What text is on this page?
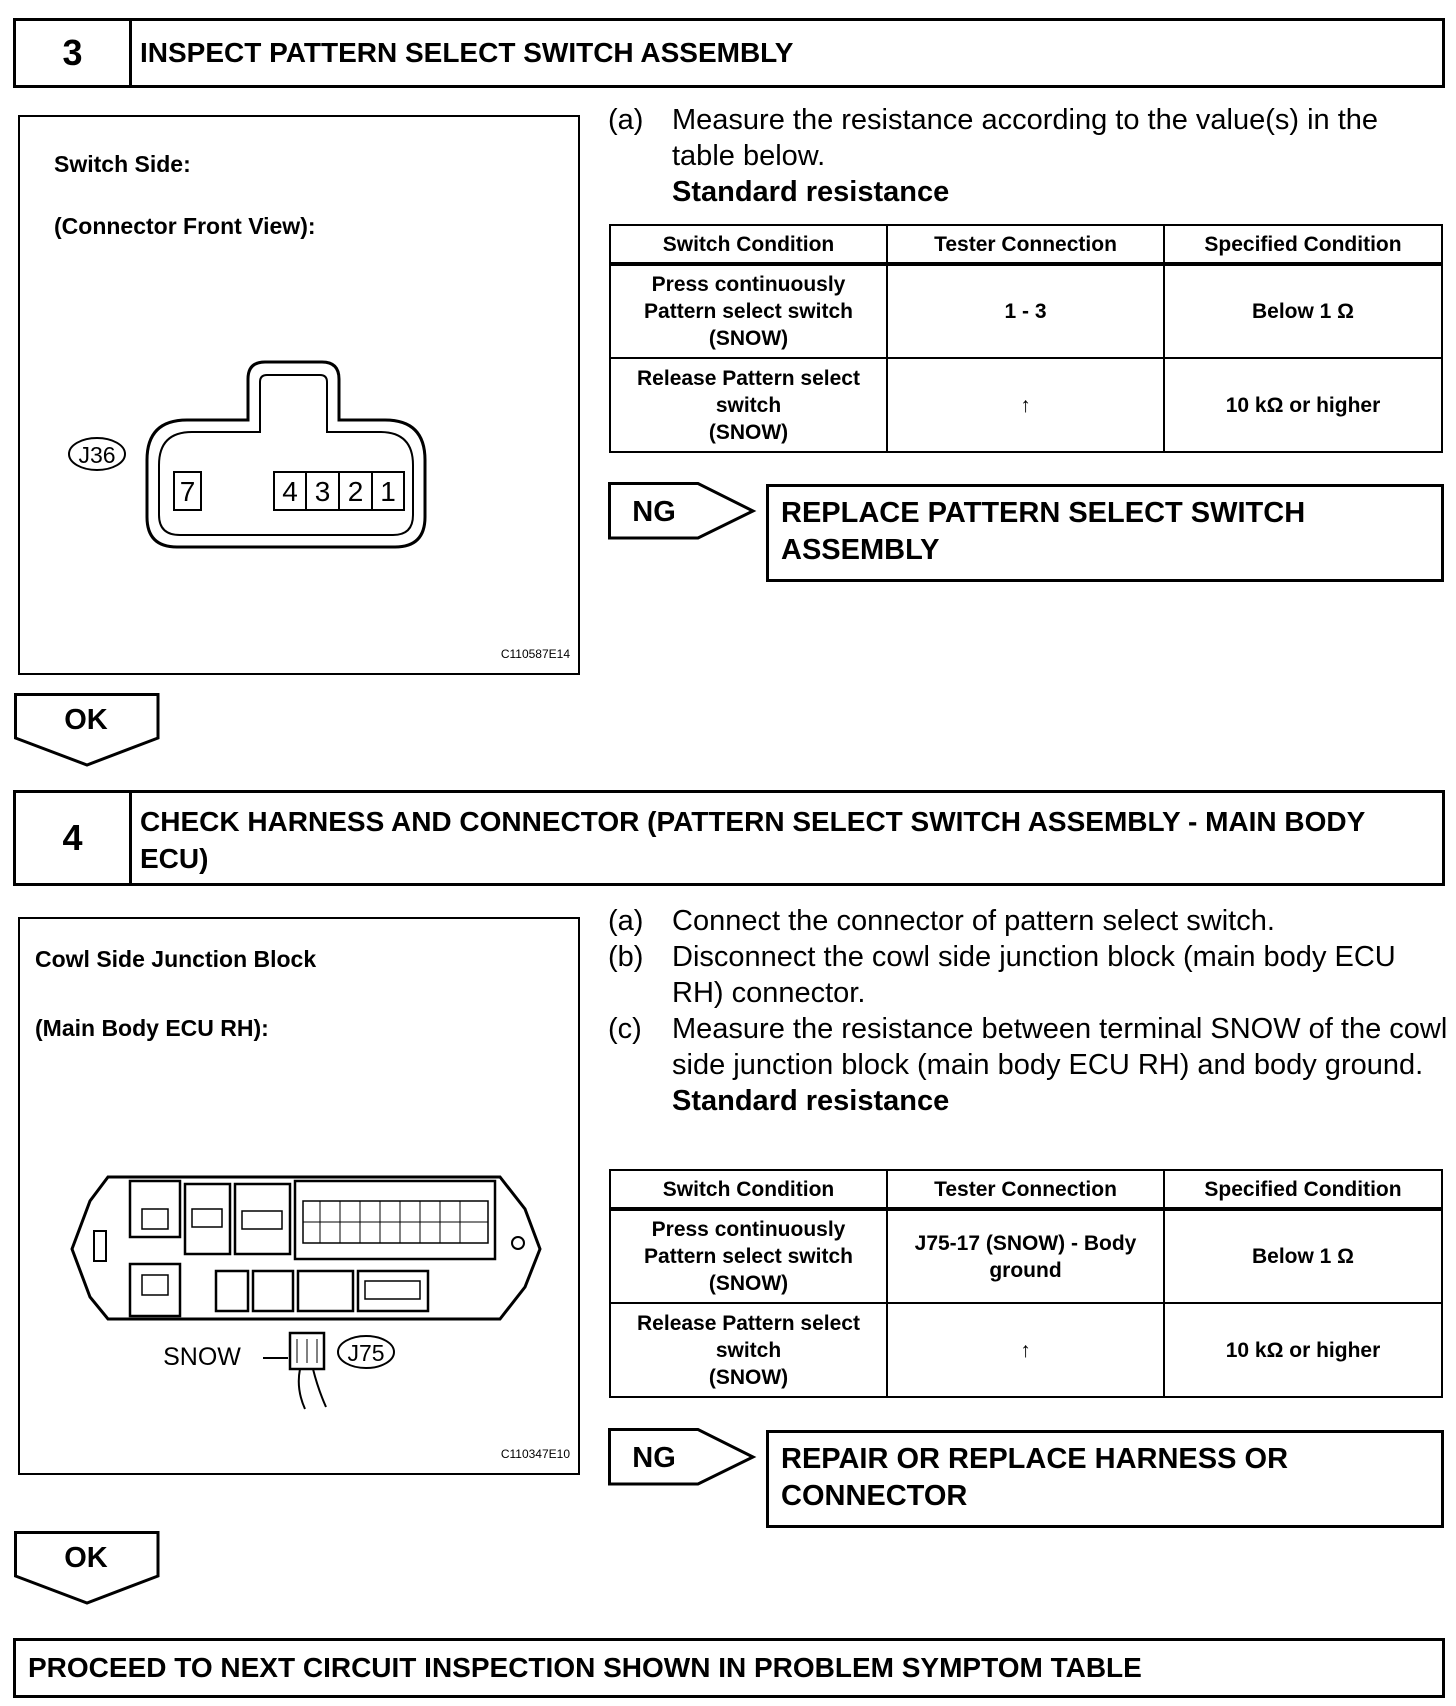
3	INSPECT PATTERN SELECT SWITCH ASSEMBLY
Switch Side:
(Connector Front View):
7	4 3 2 1
J36
C110587E14
(a) Measure the resistance according to the value(s) in the table below.
Standard resistance
Switch Condition	Tester Connection	Specified Condition

Press continuously
Pattern select switch
(SNOW)	1 - 3	Below 1 Ω

Release Pattern select
switch
(SNOW)	↑	10 kΩ or higher
NG	REPLACE PATTERN SELECT SWITCH ASSEMBLY
OK
4	CHECK HARNESS AND CONNECTOR (PATTERN SELECT SWITCH ASSEMBLY - MAIN BODY ECU)
Cowl Side Junction Block
(Main Body ECU RH):
SNOW	J75
C110347E10
(a) Connect the connector of pattern select switch.
(b) Disconnect the cowl side junction block (main body ECU RH) connector.
(c)	Measure the resistance between terminal SNOW of the cowl side junction block (main body ECU RH) and body ground.
Standard resistance
Switch Condition	Tester Connection	Specified Condition

Press continuously
Pattern select switch
(SNOW)	J75-17 (SNOW) - Body ground	Below 1 Ω

Release Pattern select
switch
(SNOW)	↑	10 kΩ or higher
NG	REPAIR OR REPLACE HARNESS OR CONNECTOR
OK
PROCEED TO NEXT CIRCUIT INSPECTION SHOWN IN PROBLEM SYMPTOM TABLE
